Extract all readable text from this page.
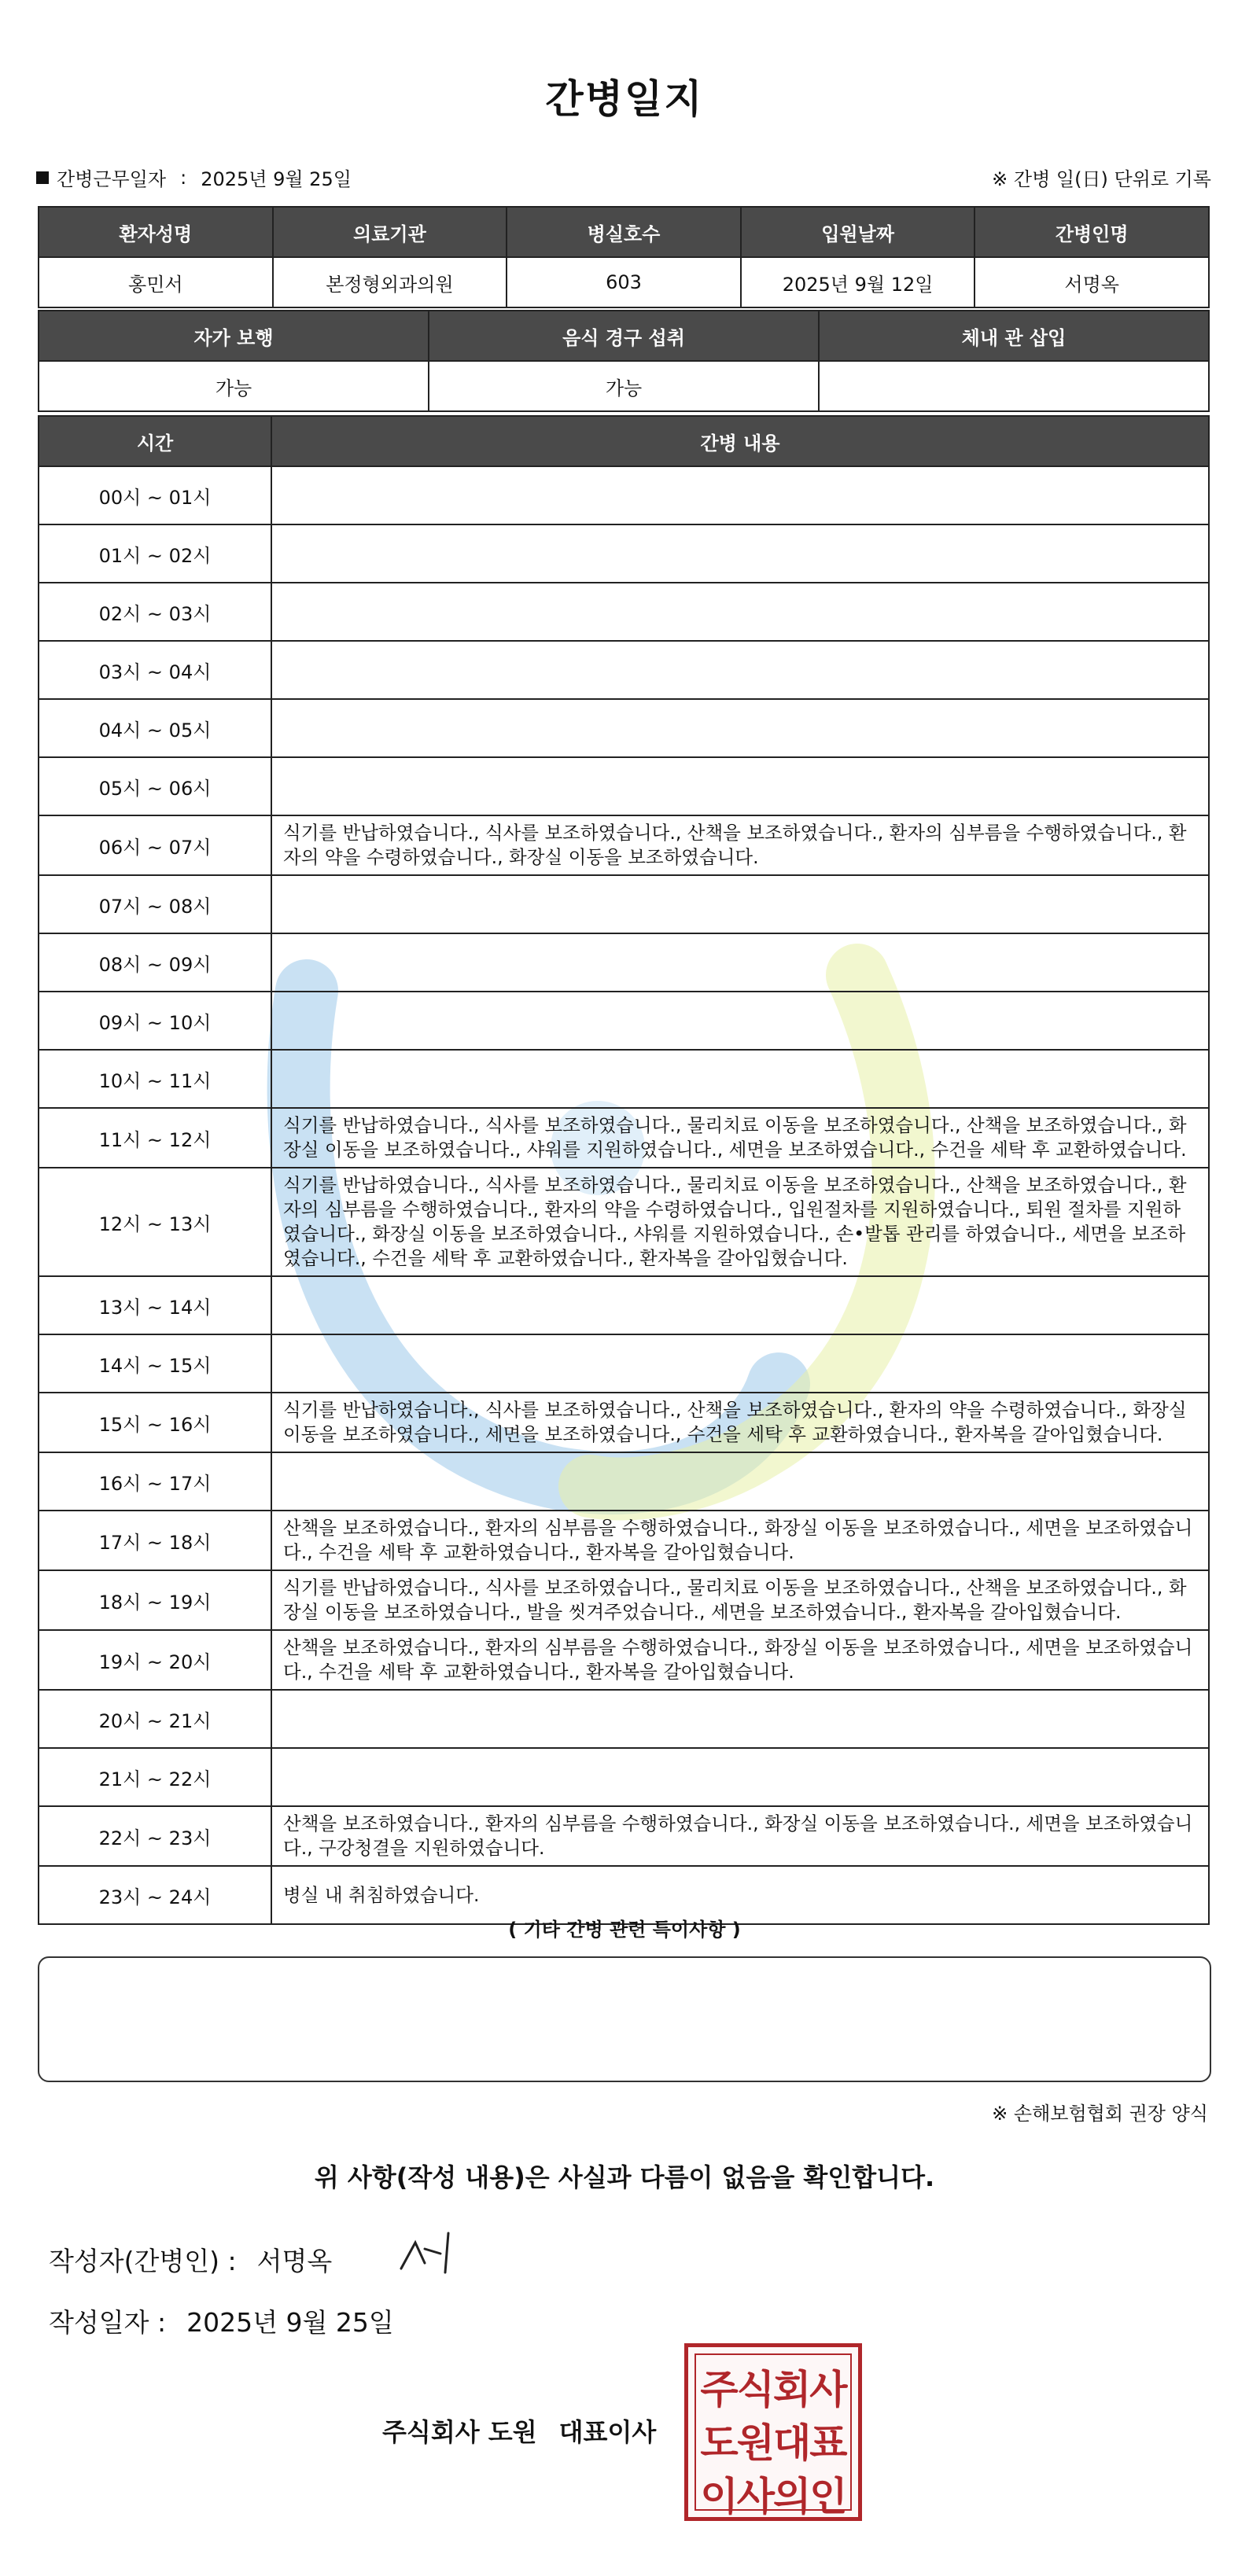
간병일지
간병근무일자 : 2025년 9월 25일	※ 간병 일(日) 단위로 기록
환자성명	의료기관	병실호수	입원날짜	간병인명
홍민서	본정형외과의원	603	2025년 9월 12일	서명옥
자가 보행	음식 경구 섭취	체내 관 삽입
가능	가능	
시간	간병 내용
00시 ~ 01시	
01시 ~ 02시	
02시 ~ 03시	
03시 ~ 04시	
04시 ~ 05시	
05시 ~ 06시	
06시 ~ 07시	식기를 반납하였습니다., 식사를 보조하였습니다., 산책을 보조하였습니다., 환자의 심부름을 수행하였습니다., 환자의 약을 수령하였습니다., 화장실 이동을 보조하였습니다.
07시 ~ 08시	
08시 ~ 09시	
09시 ~ 10시	
10시 ~ 11시	
11시 ~ 12시	식기를 반납하였습니다., 식사를 보조하였습니다., 물리치료 이동을 보조하였습니다., 산책을 보조하였습니다., 화장실 이동을 보조하였습니다., 샤워를 지원하였습니다., 세면을 보조하였습니다., 수건을 세탁 후 교환하였습니다.
12시 ~ 13시	식기를 반납하였습니다., 식사를 보조하였습니다., 물리치료 이동을 보조하였습니다., 산책을 보조하였습니다., 환자의 심부름을 수행하였습니다., 환자의 약을 수령하였습니다., 입원절차를 지원하였습니다., 퇴원 절차를 지원하였습니다., 화장실 이동을 보조하였습니다., 샤워를 지원하였습니다., 손•발톱 관리를 하였습니다., 세면을 보조하였습니다., 수건을 세탁 후 교환하였습니다., 환자복을 갈아입혔습니다.
13시 ~ 14시	
14시 ~ 15시	
15시 ~ 16시	식기를 반납하였습니다., 식사를 보조하였습니다., 산책을 보조하였습니다., 환자의 약을 수령하였습니다., 화장실 이동을 보조하였습니다., 세면을 보조하였습니다., 수건을 세탁 후 교환하였습니다., 환자복을 갈아입혔습니다.
16시 ~ 17시	
17시 ~ 18시	산책을 보조하였습니다., 환자의 심부름을 수행하였습니다., 화장실 이동을 보조하였습니다., 세면을 보조하였습니다., 수건을 세탁 후 교환하였습니다., 환자복을 갈아입혔습니다.
18시 ~ 19시	식기를 반납하였습니다., 식사를 보조하였습니다., 물리치료 이동을 보조하였습니다., 산책을 보조하였습니다., 화장실 이동을 보조하였습니다., 발을 씻겨주었습니다., 세면을 보조하였습니다., 환자복을 갈아입혔습니다.
19시 ~ 20시	산책을 보조하였습니다., 환자의 심부름을 수행하였습니다., 화장실 이동을 보조하였습니다., 세면을 보조하였습니다., 수건을 세탁 후 교환하였습니다., 환자복을 갈아입혔습니다.
20시 ~ 21시	
21시 ~ 22시	
22시 ~ 23시	산책을 보조하였습니다., 환자의 심부름을 수행하였습니다., 화장실 이동을 보조하였습니다., 세면을 보조하였습니다., 구강청결을 지원하였습니다.
23시 ~ 24시	병실 내 취침하였습니다.
( 기타 간병 관련 특이사항 )
※ 손해보험협회 권장 양식
위 사항(작성 내용)은 사실과 다름이 없음을 확인합니다.
작성자(간병인) : 서명옥
작성일자 : 2025년 9월 25일
주식회사 도원 대표이사
주식회사
도원대표
이사의인
